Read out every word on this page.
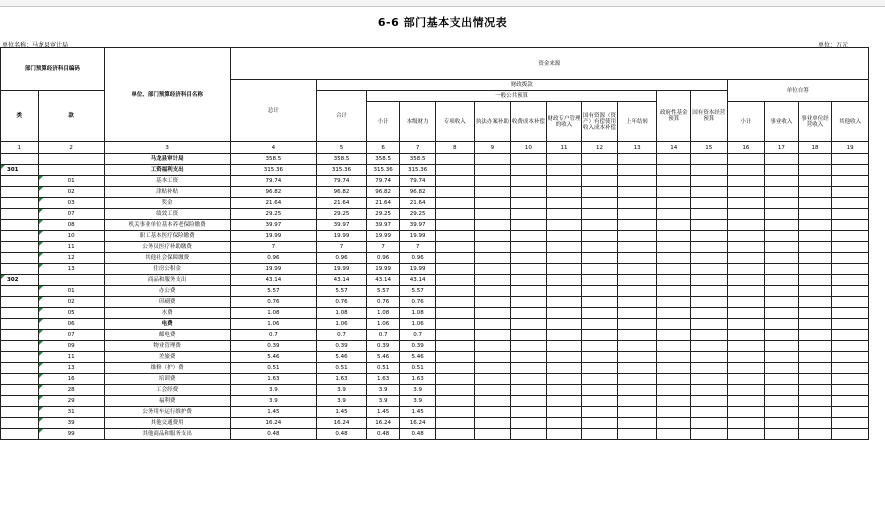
6-6 部门基本支出情况表
单位名称：马龙县审计局	单位：万元
部门预算经济科目编码		单位、部门预算经济科目名称	资金来源															
			总计	财政拨款											单位自筹			
类	款			合计	一般公共预算								政府性基金预算	国有资本经营预算				
					小计	本级财力	专项收入	执法办案补助	收费成本补偿	财政专户管理的收入	国有资源（资产）有偿使用收入成本补偿	上年结转			小计	事业收入	事业单位经营收入	其他收入
1	2	3	4	5	6	7	8	9	10	11	12	13	14	15	16	17	18	19
		马龙县审计局	358.5	358.5	358.5	358.5												
301		工资福利支出	315.36	315.36	315.36	315.36												
	01	基本工资	79.74	79.74	79.74	79.74												
	02	津贴补贴	96.82	96.82	96.82	96.82												
	03	奖金	21.64	21.64	21.64	21.64												
	07	绩效工资	29.25	29.25	29.25	29.25												
	08	机关事业单位基本养老保险缴费	39.97	39.97	39.97	39.97												
	10	职工基本医疗保险缴费	19.99	19.99	19.99	19.99												
	11	公务员医疗补助缴费	7	7	7	7												
	12	其他社会保障缴费	0.96	0.96	0.96	0.96												
	13	住房公积金	19.99	19.99	19.99	19.99												
302		商品和服务支出	43.14	43.14	43.14	43.14												
	01	办公费	5.57	5.57	5.57	5.57												
	02	印刷费	0.76	0.76	0.76	0.76												
	05	水费	1.08	1.08	1.08	1.08												
	06	电费	1.06	1.06	1.06	1.06												
	07	邮电费	0.7	0.7	0.7	0.7												
	09	物业管理费	0.39	0.39	0.39	0.39												
	11	差旅费	5.46	5.46	5.46	5.46												
	13	维修（护）费	0.51	0.51	0.51	0.51												
	16	培训费	1.63	1.63	1.63	1.63												
	28	工会经费	3.9	3.9	3.9	3.9												
	29	福利费	3.9	3.9	3.9	3.9												
	31	公务用车运行维护费	1.45	1.45	1.45	1.45												
	39	其他交通费用	16.24	16.24	16.24	16.24												
	99	其他商品和服务支出	0.48	0.48	0.48	0.48												
